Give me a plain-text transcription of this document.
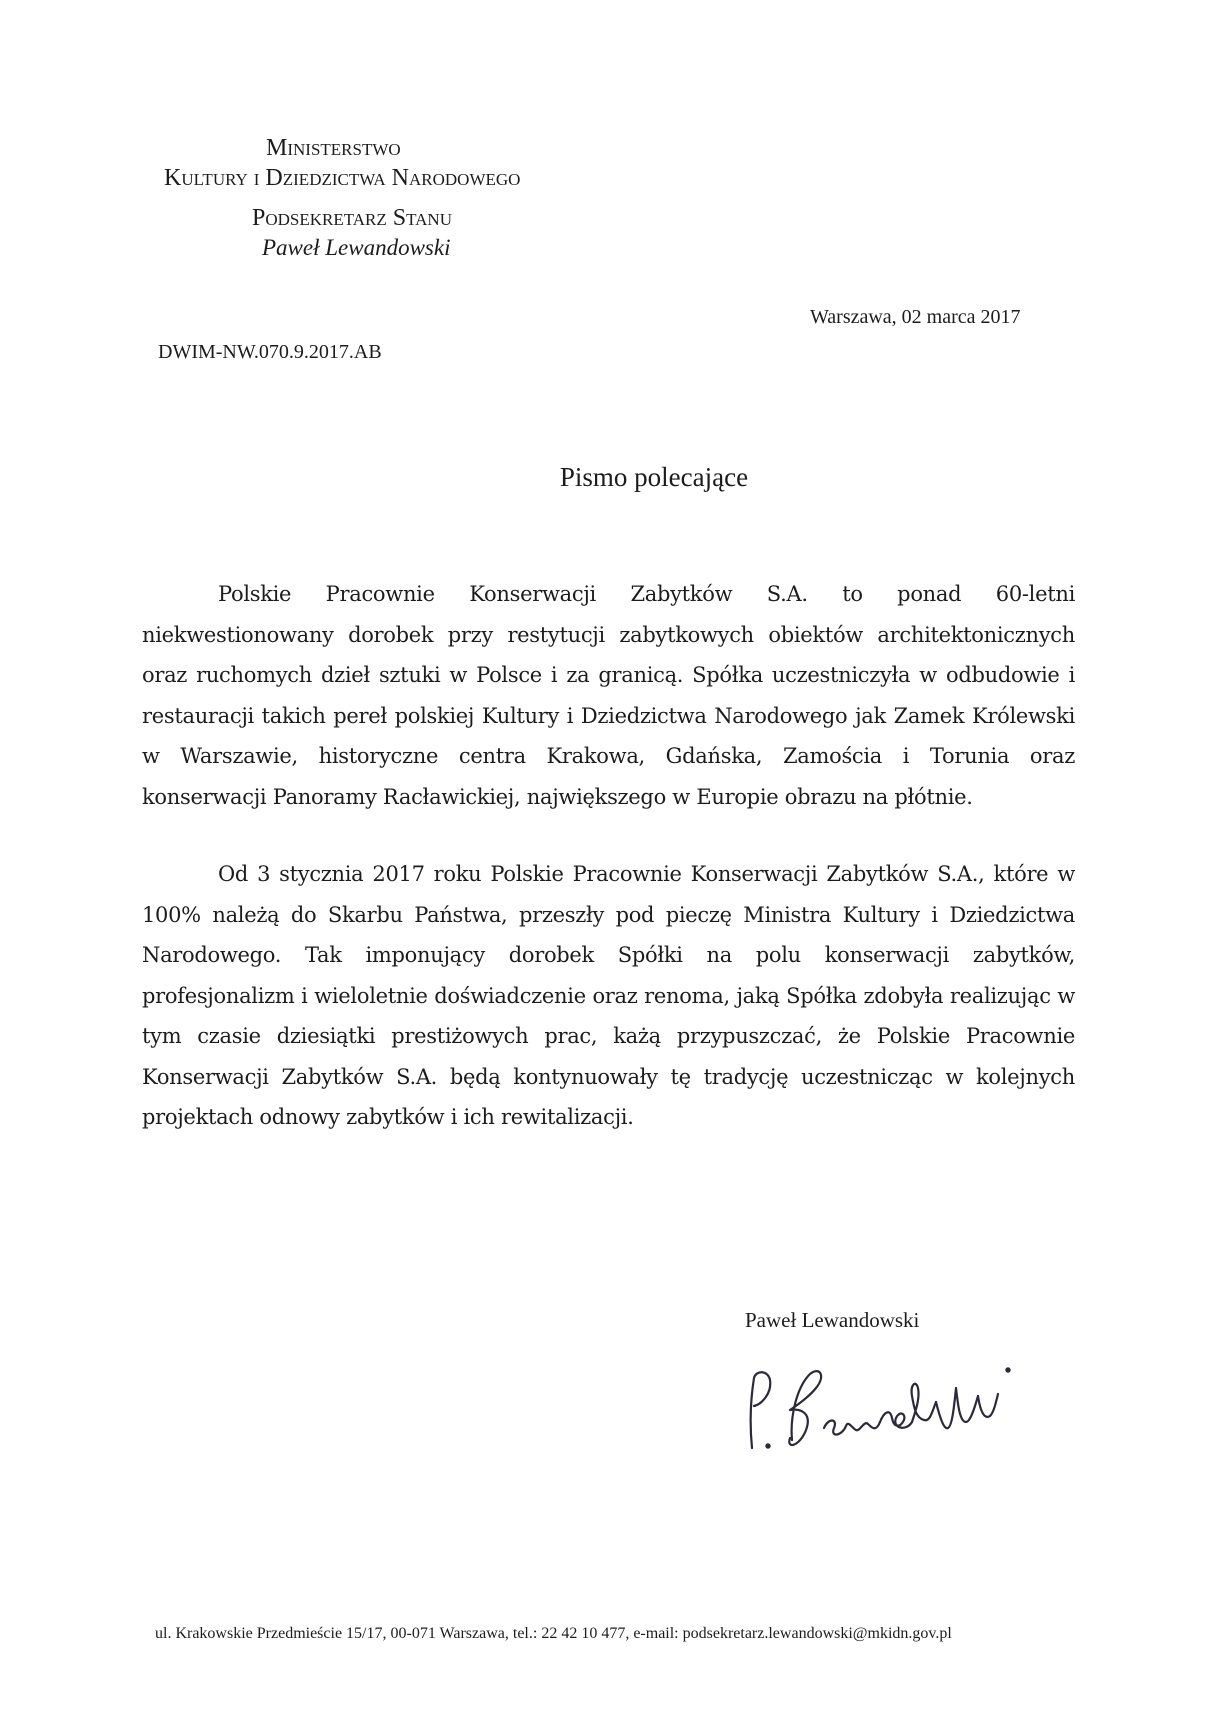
Ministerstwo
Kultury i Dziedzictwa Narodowego
Podsekretarz Stanu
Paweł Lewandowski
Warszawa, 02 marca 2017
DWIM-NW.070.9.2017.AB
Pismo polecające
Polskie Pracownie Konserwacji Zabytków S.A. to ponad 60-letni niekwestionowany dorobek przy restytucji zabytkowych obiektów architektonicznych oraz ruchomych dzieł sztuki w Polsce i za granicą. Spółka uczestniczyła w odbudowie i restauracji takich pereł polskiej Kultury i Dziedzictwa Narodowego jak Zamek Królewski w Warszawie, historyczne centra Krakowa, Gdańska, Zamościa i Torunia oraz konserwacji Panoramy Racławickiej, największego w Europie obrazu na płótnie.
Od 3 stycznia 2017 roku Polskie Pracownie Konserwacji Zabytków S.A., które w 100% należą do Skarbu Państwa, przeszły pod pieczę Ministra Kultury i Dziedzictwa Narodowego. Tak imponujący dorobek Spółki na polu konserwacji zabytków, profesjonalizm i wieloletnie doświadczenie oraz renoma, jaką Spółka zdobyła realizując w tym czasie dziesiątki prestiżowych prac, każą przypuszczać, że Polskie Pracownie Konserwacji Zabytków S.A. będą kontynuowały tę tradycję uczestnicząc w kolejnych projektach odnowy zabytków i ich rewitalizacji.
Paweł Lewandowski
ul. Krakowskie Przedmieście 15/17, 00-071 Warszawa, tel.: 22 42 10 477, e-mail: podsekretarz.lewandowski@mkidn.gov.pl
